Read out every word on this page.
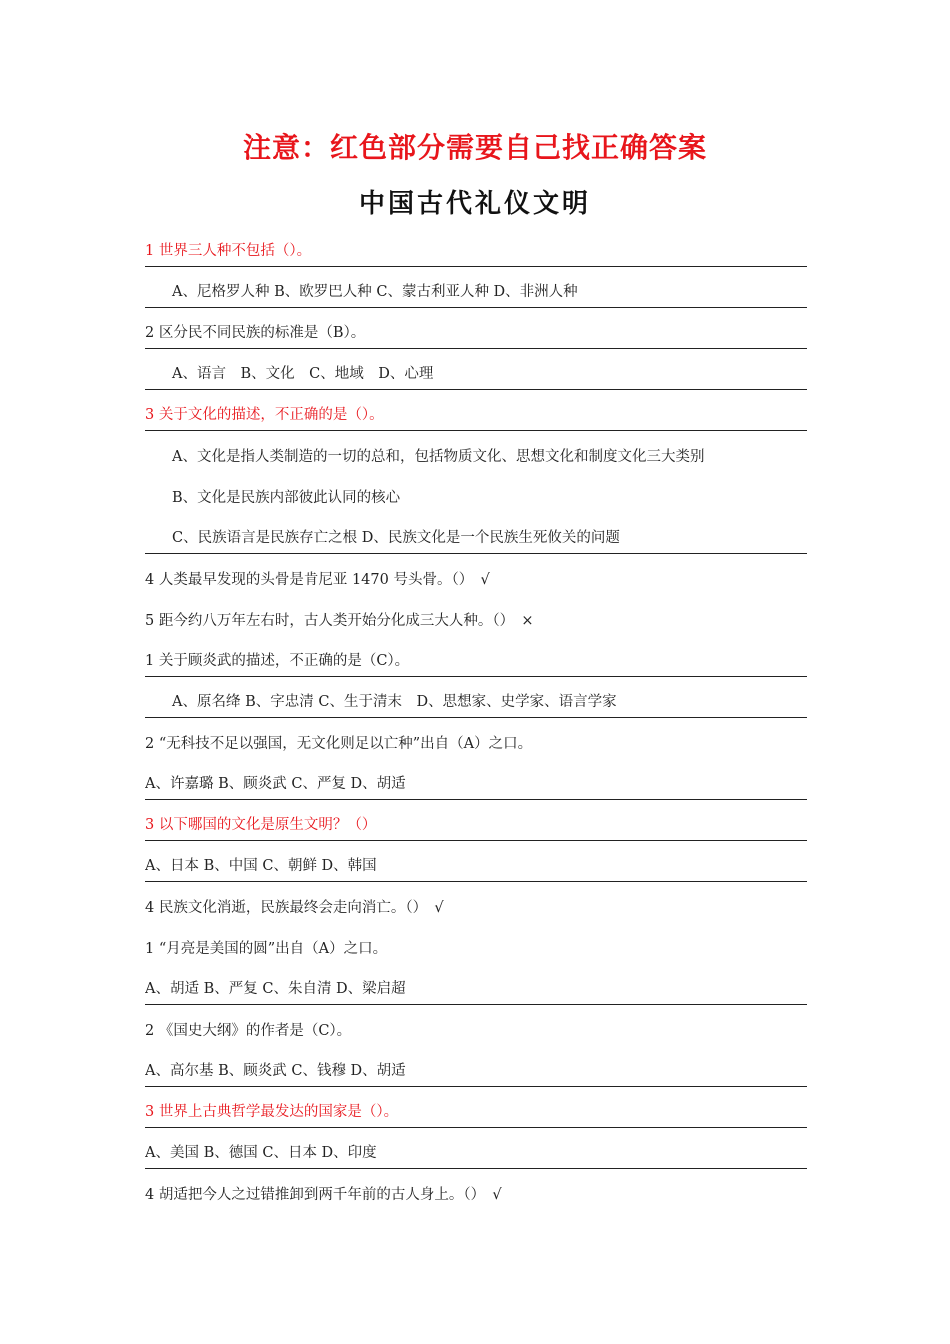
注意：红色部分需要自己找正确答案
中国古代礼仪文明
1 世界三人种不包括（）。
A、尼格罗人种 B、欧罗巴人种 C、蒙古利亚人种 D、非洲人种
2 区分民不同民族的标准是（B）。
A、语言　B、文化　C、地域　D、心理
3 关于文化的描述，不正确的是（）。
A、文化是指人类制造的一切的总和，包括物质文化、思想文化和制度文化三大类别
B、文化是民族内部彼此认同的核心
C、民族语言是民族存亡之根 D、民族文化是一个民族生死攸关的问题
4 人类最早发现的头骨是肯尼亚 1470 号头骨。（）　√
5 距今约八万年左右时，古人类开始分化成三大人种。（）　×
1 关于顾炎武的描述，不正确的是（C）。
A、原名绛 B、字忠清 C、生于清末　D、思想家、史学家、语言学家
2 “无科技不足以强国，无文化则足以亡种”出自（A）之口。
A、许嘉璐 B、顾炎武 C、严复 D、胡适
3 以下哪国的文化是原生文明？（）
A、日本 B、中国 C、朝鲜 D、韩国
4 民族文化消逝，民族最终会走向消亡。（）　√
1 “月亮是美国的圆”出自（A）之口。
A、胡适 B、严复 C、朱自清 D、梁启超
2 《国史大纲》的作者是（C）。
A、高尔基 B、顾炎武 C、钱穆 D、胡适
3 世界上古典哲学最发达的国家是（）。
A、美国 B、德国 C、日本 D、印度
4 胡适把今人之过错推卸到两千年前的古人身上。（）　√
